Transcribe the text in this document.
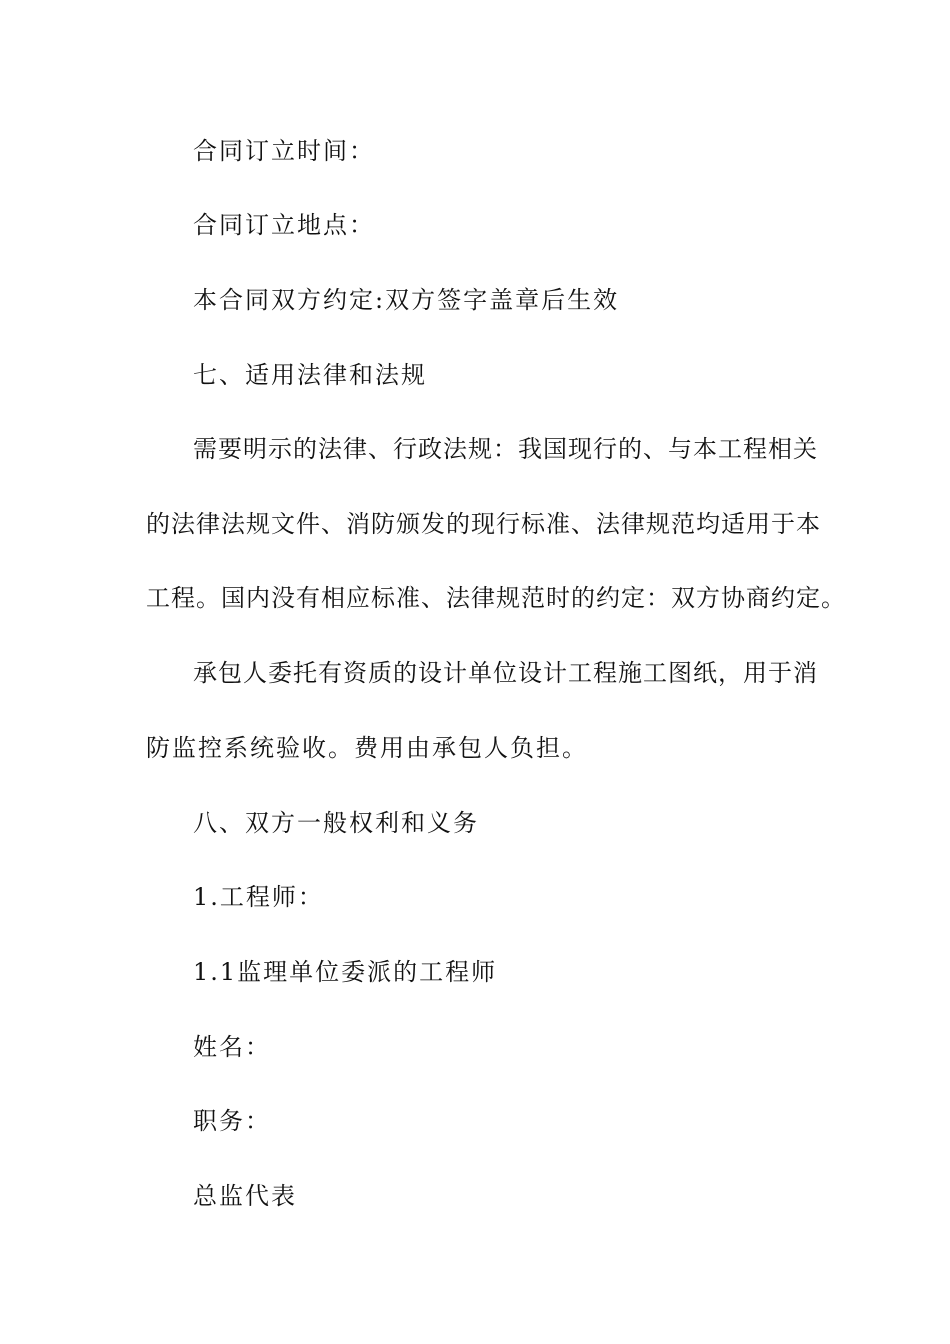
合同订立时间：
合同订立地点：
本合同双方约定:双方签字盖章后生效
七、适用法律和法规
需要明示的法律、行政法规：我国现行的、与本工程相关
的法律法规文件、消防颁发的现行标准、法律规范均适用于本
工程。国内没有相应标准、法律规范时的约定：双方协商约定。
承包人委托有资质的设计单位设计工程施工图纸，用于消
防监控系统验收。费用由承包人负担。
八、双方一般权利和义务
1.工程师：
1.1监理单位委派的工程师
姓名：
职务：
总监代表
